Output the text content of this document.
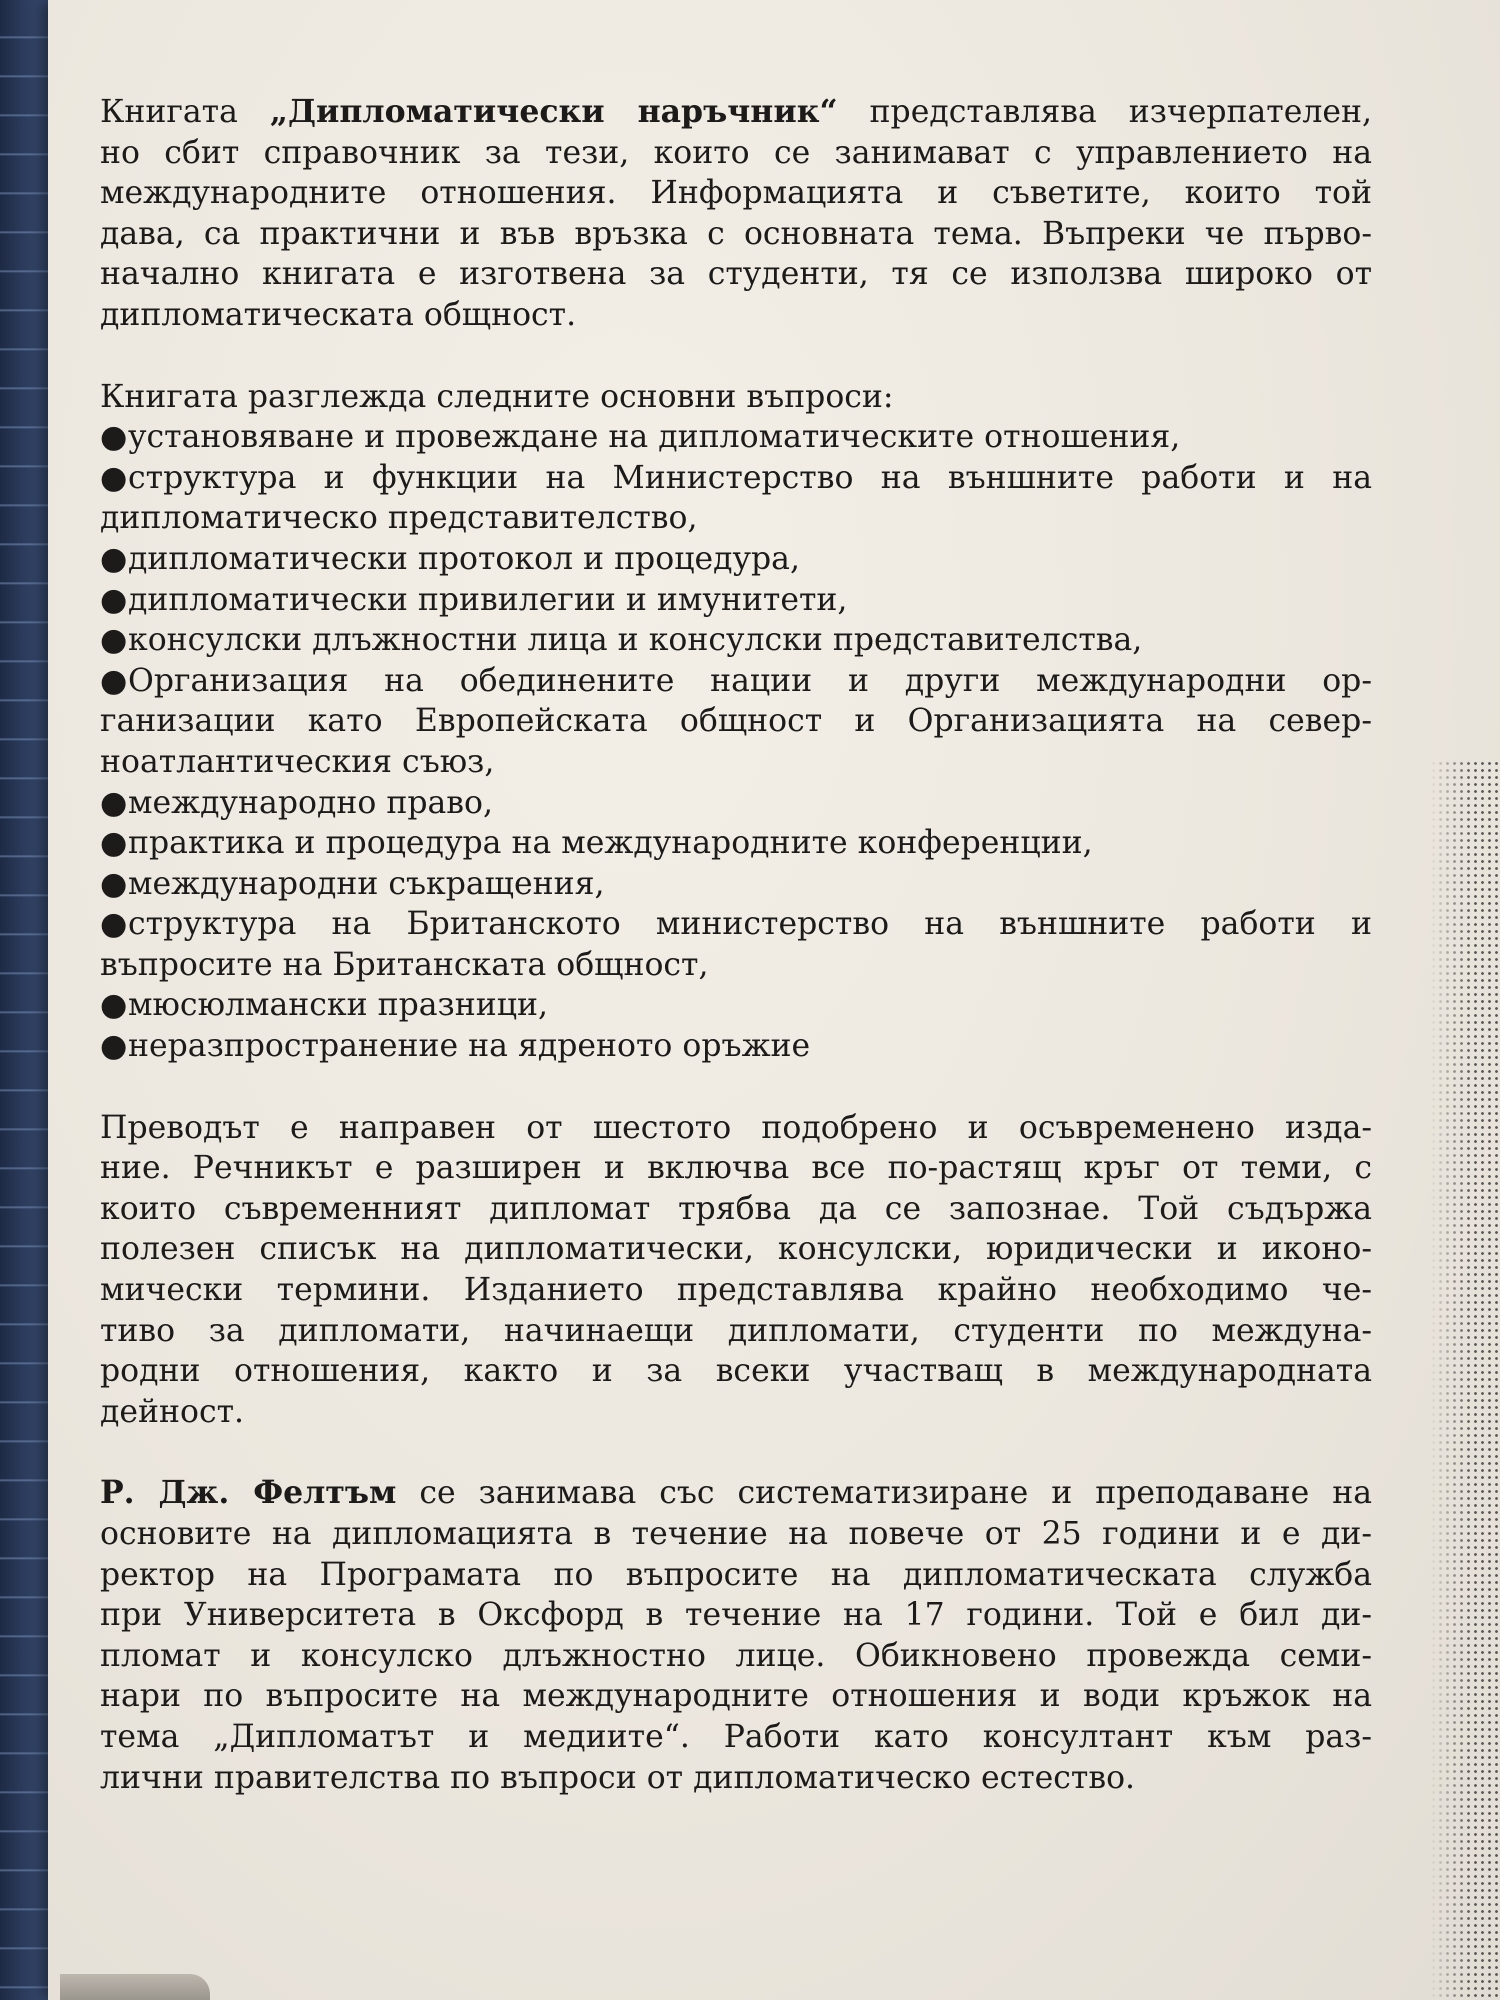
Книгата „Дипломатически наръчник“ представлява изчерпателен,
но сбит справочник за тези, които се занимават с управлението на
международните отношения. Информацията и съветите, които той
дава, са практични и във връзка с основната тема. Въпреки че първо-
начално книгата е изготвена за студенти, тя се използва широко от
дипломатическата общност.
Книгата разглежда следните основни въпроси:
●установяване и провеждане на дипломатическите отношения,
●структура и функции на Министерство на външните работи и на
дипломатическо представителство,
●дипломатически протокол и процедура,
●дипломатически привилегии и имунитети,
●консулски длъжностни лица и консулски представителства,
●Организация на обединените нации и други международни ор-
ганизации като Европейската общност и Организацията на север-
ноатлантическия съюз,
●международно право,
●практика и процедура на международните конференции,
●международни съкращения,
●структура на Британското министерство на външните работи и
въпросите на Британската общност,
●мюсюлмански празници,
●неразпространение на ядреното оръжие
Преводът е направен от шестото подобрено и осъвременено изда-
ние. Речникът е разширен и включва все по-растящ кръг от теми, с
които съвременният дипломат трябва да се запознае. Той съдържа
полезен списък на дипломатически, консулски, юридически и иконо-
мически термини. Изданието представлява крайно необходимо че-
тиво за дипломати, начинаещи дипломати, студенти по междуна-
родни отношения, както и за всеки участващ в международната
дейност.
Р. Дж. Фелтъм се занимава със систематизиране и преподаване на
основите на дипломацията в течение на повече от 25 години и е ди-
ректор на Програмата по въпросите на дипломатическата служба
при Университета в Оксфорд в течение на 17 години. Той е бил ди-
пломат и консулско длъжностно лице. Обикновено провежда семи-
нари по въпросите на международните отношения и води кръжок на
тема „Дипломатът и медиите“. Работи като консултант към раз-
лични правителства по въпроси от дипломатическо естество.
